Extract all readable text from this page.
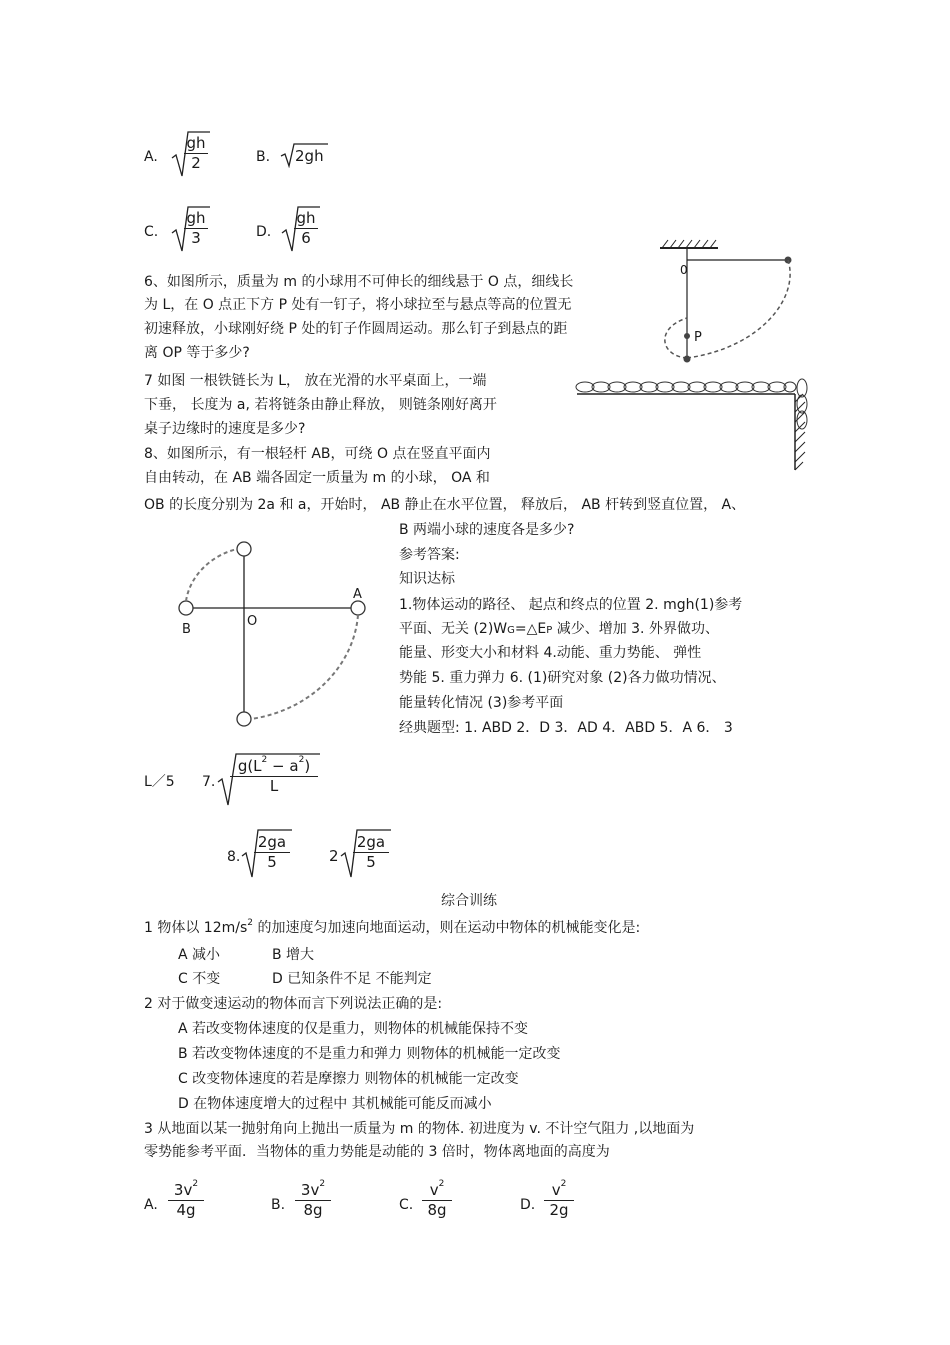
A. $\frac{gh}{2}$	B. 2gh
C. $\frac{gh}{3}$	D. $\frac{gh}{6}$
6、如图所示，质量为 m 的小球用不可伸长的细线悬于 O 点，细线长
为 L，在 O 点正下方 P 处有一钉子，将小球拉至与悬点等高的位置无
初速释放，小球刚好绕 P 处的钉子作圆周运动。那么钉子到悬点的距
离 OP 等于多少?
0
P
7 如图 一根铁链长为 L， 放在光滑的水平桌面上，一端
下垂， 长度为 a, 若将链条由静止释放， 则链条刚好离开
桌子边缘时的速度是多少?
8、如图所示，有一根轻杆 AB，可绕 O 点在竖直平面内
自由转动，在 AB 端各固定一质量为 m 的小球， OA 和
OB 的长度分别为 2a 和 a，开始时， AB 静止在水平位置， 释放后， AB 杆转到竖直位置， A、
B 两端小球的速度各是多少?
A
B
O
参考答案:
知识达标
1.物体运动的路径、 起点和终点的位置 2. mgh(1)参考
平面、无关 (2)WG=△EP 减少、增加 3. 外界做功、
能量、形变大小和材料 4.动能、重力势能、 弹性
势能 5. 重力弹力 6. (1)研究对象 (2)各力做功情况、
能量转化情况 (3)参考平面
经典题型: 1. ABD 2．D 3．AD 4．ABD 5．A 6． 3
L／5 7. $\frac{g(L^2 - a^2)}{L}$
8. $\frac{2ga}{5}$	$2 \frac{2ga}{5}$
综合训练
1 物体以 $12m/s^2$ 的加速度匀加速向地面运动，则在运动中物体的机械能变化是:
A 减小	B 增大
C 不变	D 已知条件不足 不能判定
2 对于做变速运动的物体而言下列说法正确的是:
A 若改变物体速度的仅是重力，则物体的机械能保持不变
B 若改变物体速度的不是重力和弹力 则物体的机械能一定改变
C 改变物体速度的若是摩擦力 则物体的机械能一定改变
D 在物体速度增大的过程中 其机械能可能反而减小
3 从地面以某一抛射角向上抛出一质量为 m 的物体. 初进度为 v. 不计空气阻力 ,以地面为
零势能参考平面．当物体的重力势能是动能的 3 倍时，物体离地面的高度为
A. $\frac{3v^2}{4g}$	B. $\frac{3v^2}{8g}$	C. $\frac{v^2}{8g}$	D. $\frac{v^2}{2g}$
